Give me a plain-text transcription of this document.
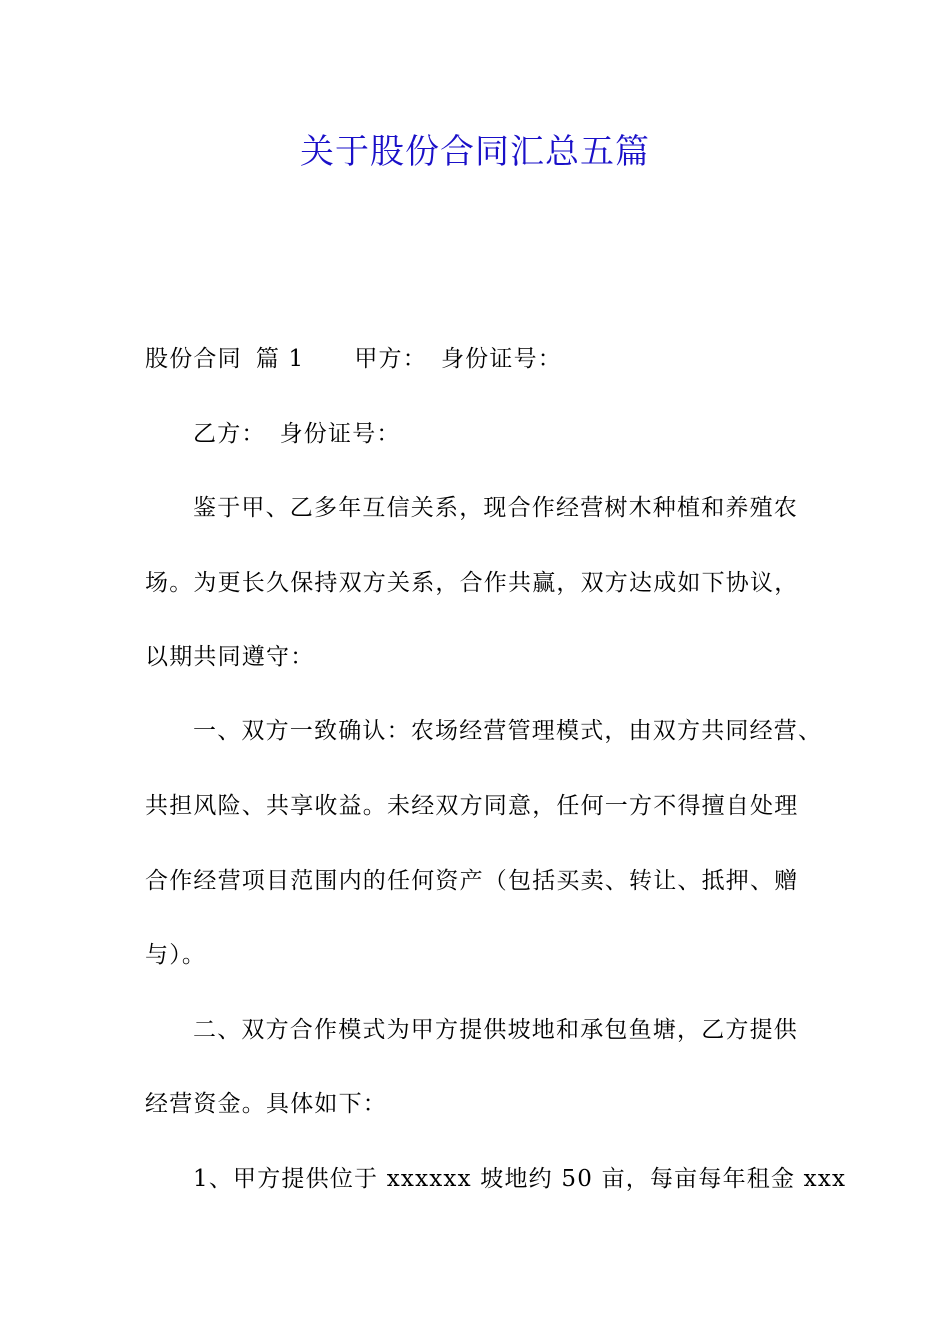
关于股份合同汇总五篇
股份合同 篇 1 甲方： 身份证号：
乙方： 身份证号：
鉴于甲、乙多年互信关系，现合作经营树木种植和养殖农
场。为更长久保持双方关系，合作共赢，双方达成如下协议，
以期共同遵守：
一、双方一致确认：农场经营管理模式，由双方共同经营、
共担风险、共享收益。未经双方同意，任何一方不得擅自处理
合作经营项目范围内的任何资产（包括买卖、转让、抵押、赠
与）。
二、双方合作模式为甲方提供坡地和承包鱼塘，乙方提供
经营资金。具体如下：
1、甲方提供位于 xxxxxx 坡地约 50 亩，每亩每年租金 xxx
